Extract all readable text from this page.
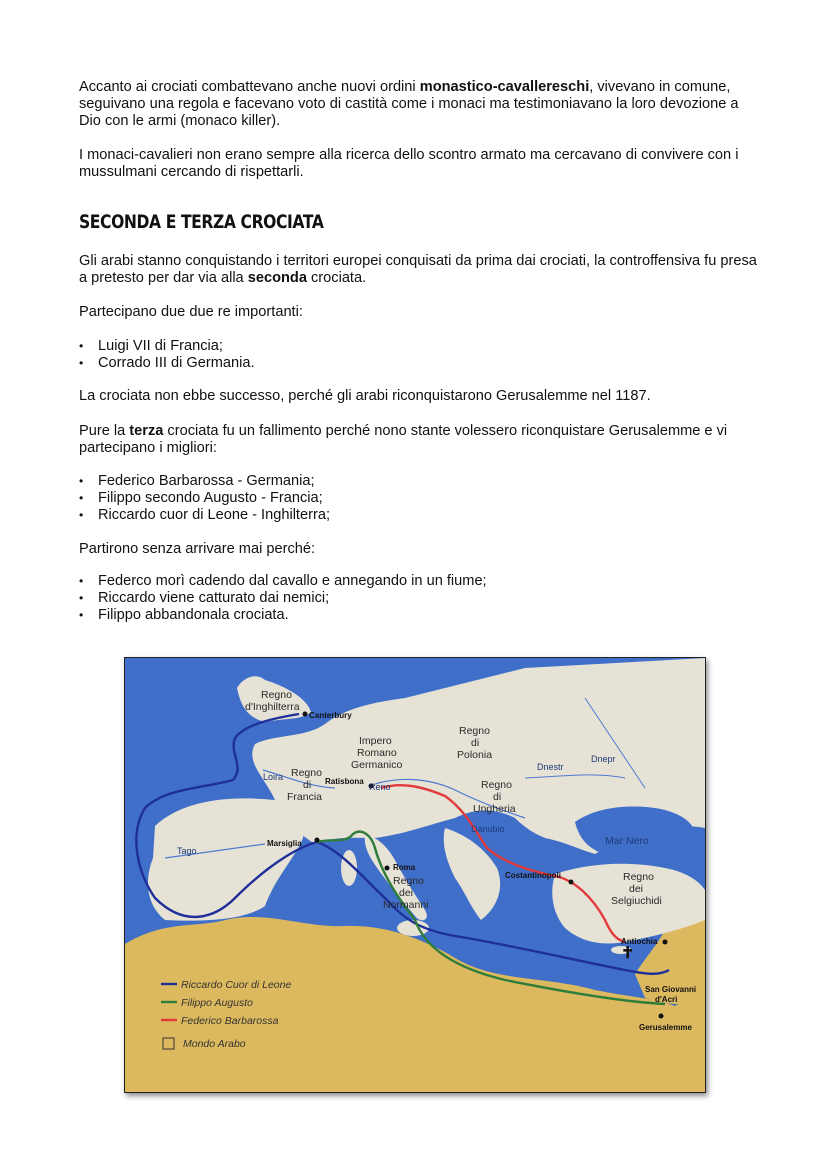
Accanto ai crociati combattevano anche nuovi ordini monastico-cavallereschi, vivevano in comune, seguivano una regola e facevano voto di castità come i monaci ma testimoniavano la loro devozione a Dio con le armi (monaco killer).

I monaci-cavalieri non erano sempre alla ricerca dello scontro armato ma cercavano di convivere con i mussulmani cercando di rispettarli.

SECONDA E TERZA CROCIATA

Gli arabi stanno conquistando i territori europei conquisati da prima dai crociati, la controffensiva fu presa a pretesto per dar via alla seconda crociata.

Partecipano due due re importanti:

• Luigi VII di Francia;
• Corrado III di Germania.

La crociata non ebbe successo, perché gli arabi riconquistarono Gerusalemme nel 1187.

Pure la terza crociata fu un fallimento perché nono stante volessero riconquistare Gerusalemme e vi partecipano i migliori:

• Federico Barbarossa - Germania;
• Filippo secondo Augusto - Francia;
• Riccardo cuor di Leone - Inghilterra;

Partirono senza arrivare mai perché:

• Federco morì cadendo dal cavallo e annegando in un fiume;
• Riccardo viene catturato dai nemici;
• Filippo abbandonala crociata.
✝
Regno
d'Inghilterra
Impero
Romano
Germanico
Regno
di
Polonia
Regno
di
Francia
Regno
di
Ungheria
Regno
dei
Normanni
Regno
dei
Selgiuchidi
Canterbury
Ratisbona
Marsiglia
Roma
Costantinopoli
Antiochia
San Giovanni
d'Acri
Gerusalemme
Loira
Reno
Danubio
Dnestr
Dnepr
Tago
Mar Nero
Riccardo Cuor di Leone
Filippo Augusto
Federico Barbarossa
Mondo Arabo
